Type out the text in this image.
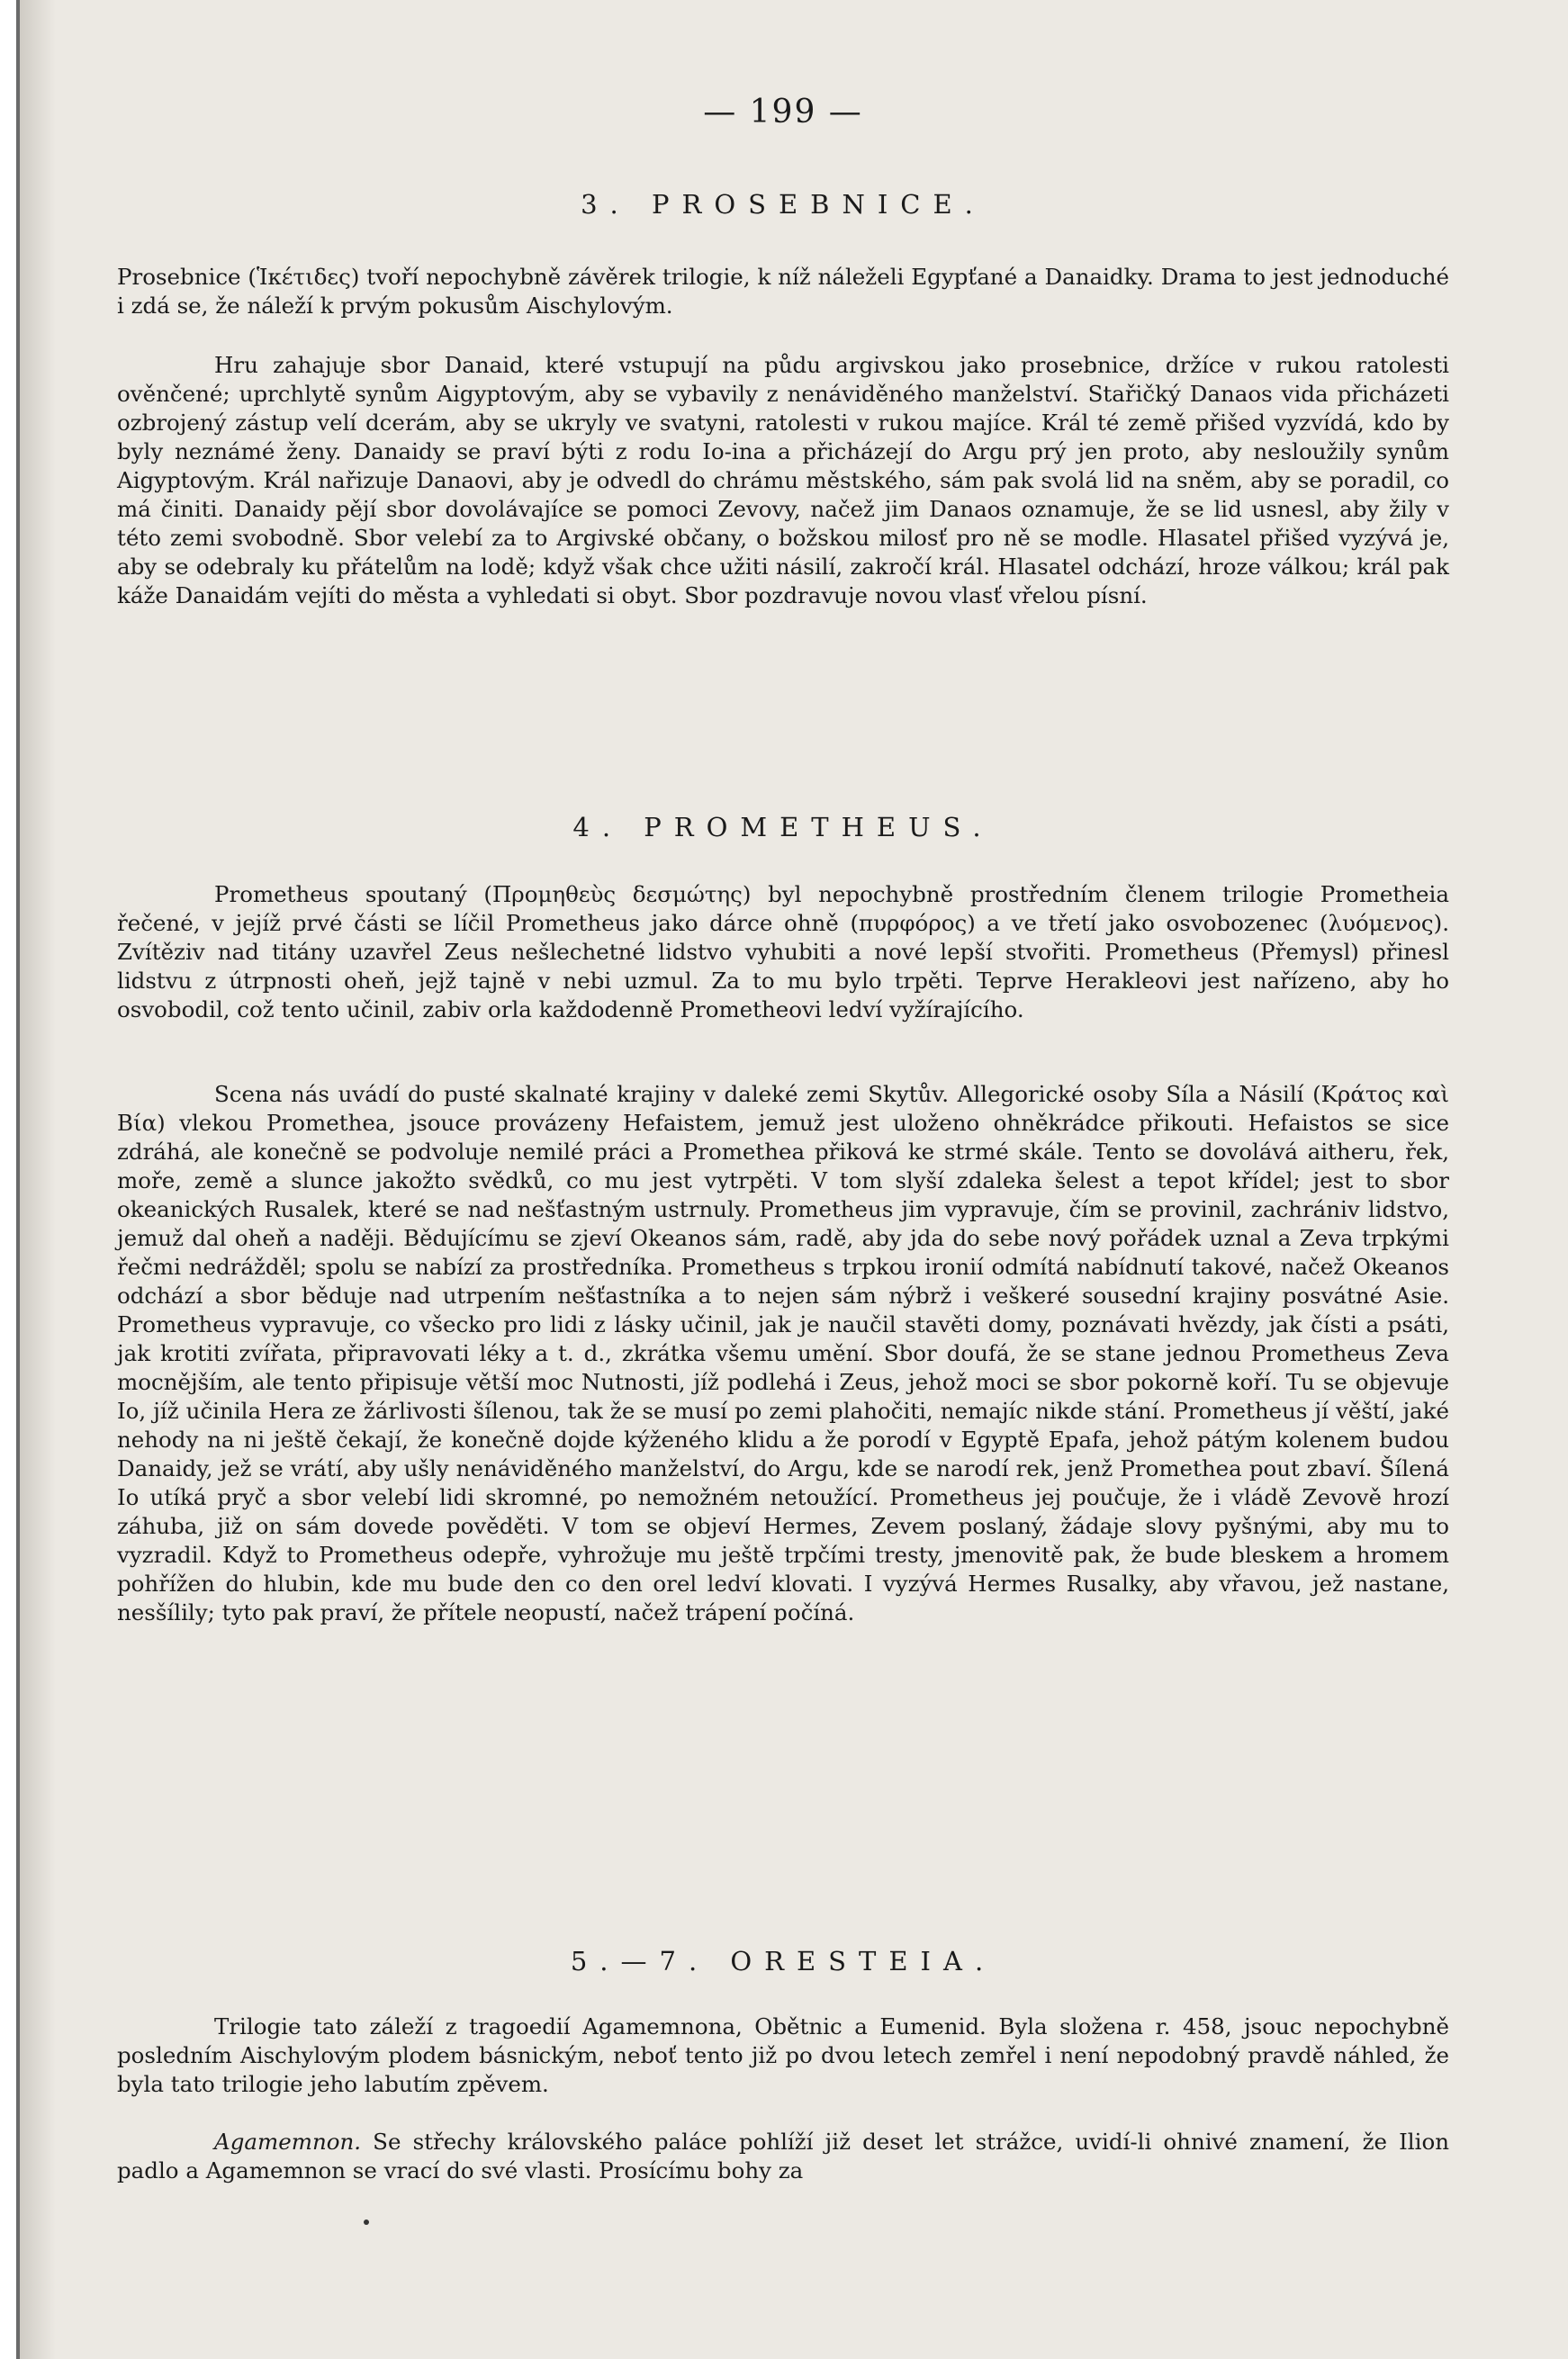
— 199 —
3. PROSEBNICE.

Prosebnice (Ἱκέτιδες) tvoří nepochybně závěrek trilogie, k níž náleželi Egypťané a Danaidky. Drama to jest jednoduché i zdá se, že náleží k prvým pokusům Aischylovým.

Hru zahajuje sbor Danaid, které vstupují na půdu argivskou jako prosebnice, držíce v rukou ratolesti ověnčené; uprchlytě synům Aigyptovým, aby se vybavily z nenáviděného manželství. Stařičký Danaos vida přicházeti ozbrojený zástup velí dcerám, aby se ukryly ve svatyni, ratolesti v rukou majíce. Král té země přišed vyzvídá, kdo by byly neznámé ženy. Danaidy se praví býti z rodu Io-ina a přicházejí do Argu prý jen proto, aby nesloužily synům Aigyptovým. Král nařizuje Danaovi, aby je odvedl do chrámu městského, sám pak svolá lid na sněm, aby se poradil, co má činiti. Danaidy pějí sbor dovolávajíce se pomoci Zevovy, načež jim Danaos oznamuje, že se lid usnesl, aby žily v této zemi svobodně. Sbor velebí za to Argivské občany, o božskou milosť pro ně se modle. Hlasatel přišed vyzývá je, aby se odebraly ku přátelům na lodě; když však chce užiti násilí, zakročí král. Hlasatel odchází, hroze válkou; král pak káže Danaidám vejíti do města a vyhledati si obyt. Sbor pozdravuje novou vlasť vřelou písní.

4. PROMETHEUS.

Prometheus spoutaný (Προμηθεὺς δεσμώτης) byl nepochybně prostředním členem trilogie Prometheia řečené, v jejíž prvé části se líčil Prometheus jako dárce ohně (πυρφόρος) a ve třetí jako osvobozenec (λυόμενος). Zvítěziv nad titány uzavřel Zeus nešlechetné lidstvo vyhubiti a nové lepší stvořiti. Prometheus (Přemysl) přinesl lidstvu z útrpnosti oheň, jejž tajně v nebi uzmul. Za to mu bylo trpěti. Teprve Herakleovi jest nařízeno, aby ho osvobodil, což tento učinil, zabiv orla každodenně Prometheovi ledví vyžírajícího.

Scena nás uvádí do pusté skalnaté krajiny v daleké zemi Skytův. Allegorické osoby Síla a Násilí (Κράτος καὶ Βία) vlekou Promethea, jsouce provázeny Hefaistem, jemuž jest uloženo ohněkrádce přikouti. Hefaistos se sice zdráhá, ale konečně se podvoluje nemilé práci a Promethea přiková ke strmé skále. Tento se dovolává aitheru, řek, moře, země a slunce jakožto svědků, co mu jest vytrpěti. V tom slyší zdaleka šelest a tepot křídel; jest to sbor okeanických Rusalek, které se nad nešťastným ustrnuly. Prometheus jim vypravuje, čím se provinil, zachrániv lidstvo, jemuž dal oheň a naději. Bědujícímu se zjeví Okeanos sám, radě, aby jda do sebe nový pořádek uznal a Zeva trpkými řečmi nedrážděl; spolu se nabízí za prostředníka. Prometheus s trpkou ironií odmítá nabídnutí takové, načež Okeanos odchází a sbor běduje nad utrpením nešťastníka a to nejen sám nýbrž i veškeré sousední krajiny posvátné Asie. Prometheus vypravuje, co všecko pro lidi z lásky učinil, jak je naučil stavěti domy, poznávati hvězdy, jak čísti a psáti, jak krotiti zvířata, připravovati léky a t. d., zkrátka všemu umění. Sbor doufá, že se stane jednou Prometheus Zeva mocnějším, ale tento připisuje větší moc Nutnosti, jíž podlehá i Zeus, jehož moci se sbor pokorně koří. Tu se objevuje Io, jíž učinila Hera ze žárlivosti šílenou, tak že se musí po zemi plahočiti, nemajíc nikde stání. Prometheus jí věští, jaké nehody na ni ještě čekají, že konečně dojde kýženého klidu a že porodí v Egyptě Epafa, jehož pátým kolenem budou Danaidy, jež se vrátí, aby ušly nenáviděného manželství, do Argu, kde se narodí rek, jenž Promethea pout zbaví. Šílená Io utíká pryč a sbor velebí lidi skromné, po nemožném netoužící. Prometheus jej poučuje, že i vládě Zevově hrozí záhuba, již on sám dovede pověděti. V tom se objeví Hermes, Zevem poslaný, žádaje slovy pyšnými, aby mu to vyzradil. Když to Prometheus odepře, vyhrožuje mu ještě trpčími tresty, jmenovitě pak, že bude bleskem a hromem pohřížen do hlubin, kde mu bude den co den orel ledví klovati. I vyzývá Hermes Rusalky, aby vřavou, jež nastane, nesšílily; tyto pak praví, že přítele neopustí, načež trápení počíná.

5.—7. ORESTEIA.

Trilogie tato záleží z tragoedií Agamemnona, Obětnic a Eumenid. Byla složena r. 458, jsouc nepochybně posledním Aischylovým plodem básnickým, neboť tento již po dvou letech zemřel i není nepodobný pravdě náhled, že byla tato trilogie jeho labutím zpěvem.

Agamemnon. Se střechy královského paláce pohlíží již deset let strážce, uvidí-li ohnivé znamení, že Ilion padlo a Agamemnon se vrací do své vlasti. Prosícímu bohy za
